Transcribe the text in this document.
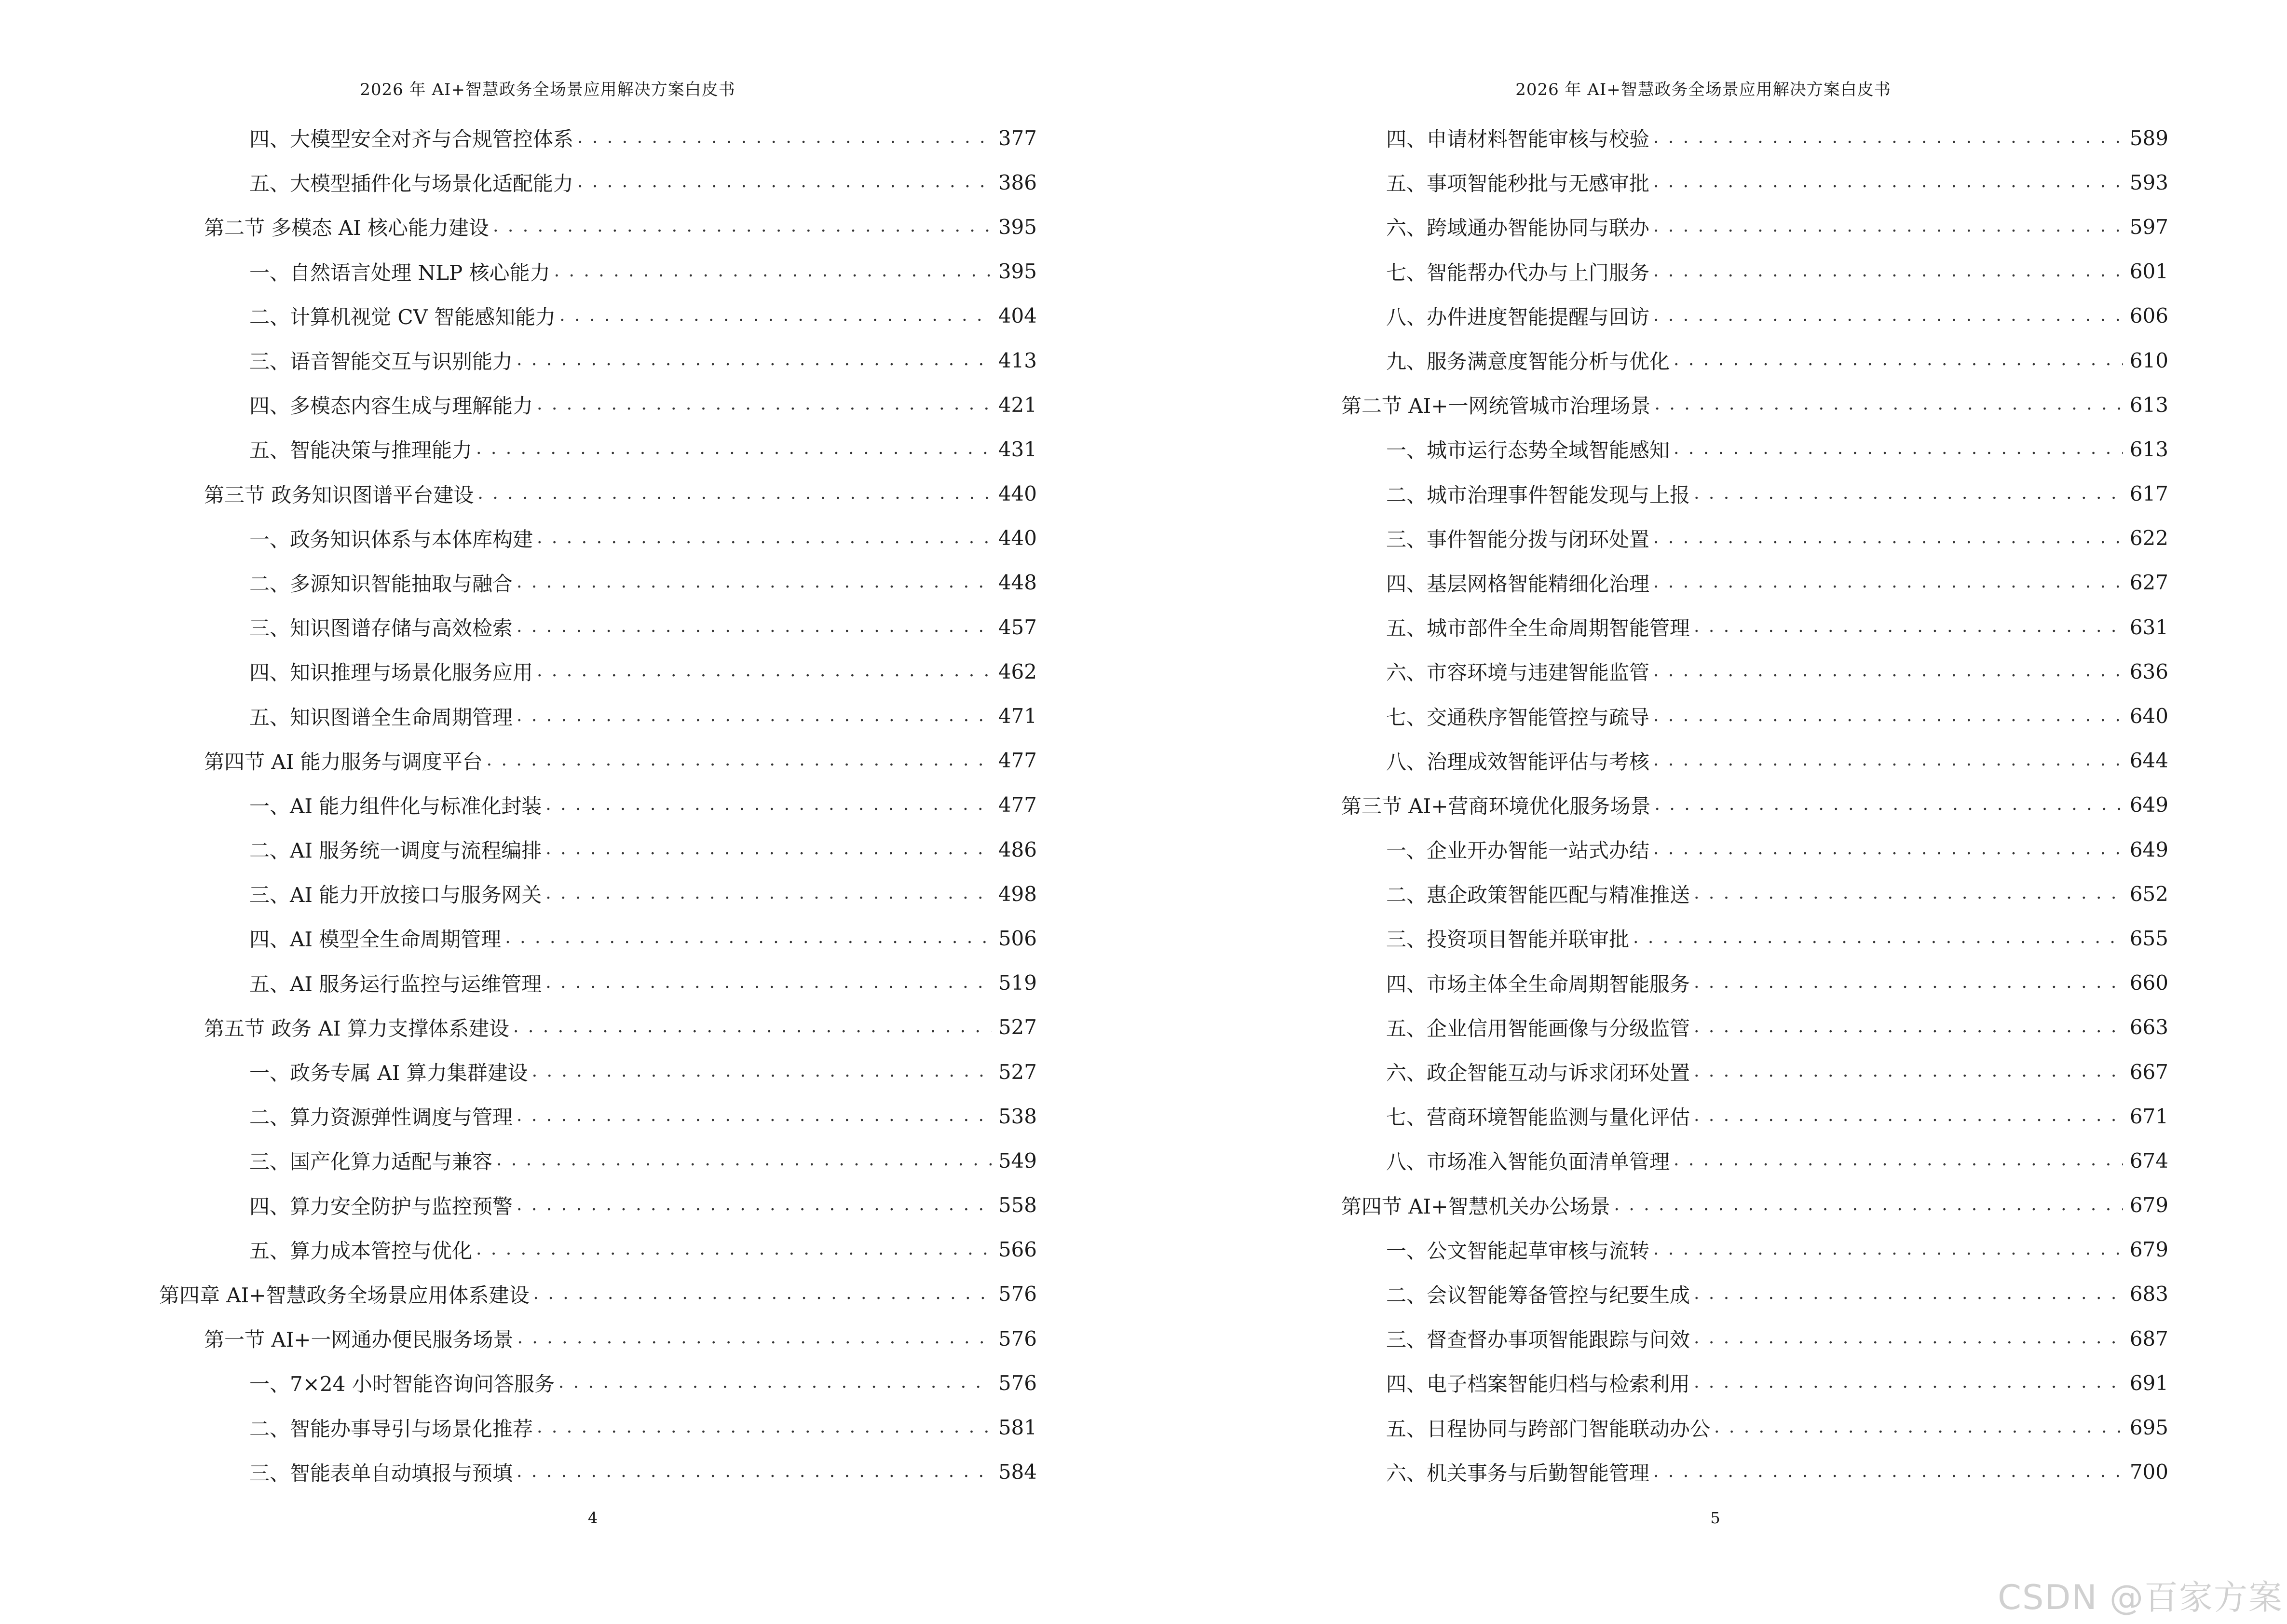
2026 年 AI+智慧政务全场景应用解决方案白皮书
四、大模型安全对齐与合规管控体系 . . .	377
五、大模型插件化与场景化适配能力 . . .	386
第二节 多模态 AI 核心能力建设 . . .	395
一、自然语言处理 NLP 核心能力 . . .	395
二、计算机视觉 CV 智能感知能力 . . .	404
三、语音智能交互与识别能力 . . .	413
四、多模态内容生成与理解能力 . . .	421
五、智能决策与推理能力 . . .	431
第三节 政务知识图谱平台建设 . . .	440
一、政务知识体系与本体库构建 . . .	440
二、多源知识智能抽取与融合 . . .	448
三、知识图谱存储与高效检索 . . .	457
四、知识推理与场景化服务应用 . . .	462
五、知识图谱全生命周期管理 . . .	471
第四节 AI 能力服务与调度平台 . . .	477
一、AI 能力组件化与标准化封装 . . .	477
二、AI 服务统一调度与流程编排 . . .	486
三、AI 能力开放接口与服务网关 . . .	498
四、AI 模型全生命周期管理 . . .	506
五、AI 服务运行监控与运维管理 . . .	519
第五节 政务 AI 算力支撑体系建设 . . .	527
一、政务专属 AI 算力集群建设 . . .	527
二、算力资源弹性调度与管理 . . .	538
三、国产化算力适配与兼容 . . .	549
四、算力安全防护与监控预警 . . .	558
五、算力成本管控与优化 . . .	566
第四章 AI+智慧政务全场景应用体系建设 . . .	576
第一节 AI+一网通办便民服务场景 . . .	576
一、7×24 小时智能咨询问答服务 . . .	576
二、智能办事导引与场景化推荐 . . .	581
三、智能表单自动填报与预填 . . .	584
4
2026 年 AI+智慧政务全场景应用解决方案白皮书
四、申请材料智能审核与校验 . . .	589
五、事项智能秒批与无感审批 . . .	593
六、跨域通办智能协同与联办 . . .	597
七、智能帮办代办与上门服务 . . .	601
八、办件进度智能提醒与回访 . . .	606
九、服务满意度智能分析与优化 . . .	610
第二节 AI+一网统管城市治理场景 . . .	613
一、城市运行态势全域智能感知 . . .	613
二、城市治理事件智能发现与上报 . . .	617
三、事件智能分拨与闭环处置 . . .	622
四、基层网格智能精细化治理 . . .	627
五、城市部件全生命周期智能管理 . . .	631
六、市容环境与违建智能监管 . . .	636
七、交通秩序智能管控与疏导 . . .	640
八、治理成效智能评估与考核 . . .	644
第三节 AI+营商环境优化服务场景 . . .	649
一、企业开办智能一站式办结 . . .	649
二、惠企政策智能匹配与精准推送 . . .	652
三、投资项目智能并联审批 . . .	655
四、市场主体全生命周期智能服务 . . .	660
五、企业信用智能画像与分级监管 . . .	663
六、政企智能互动与诉求闭环处置 . . .	667
七、营商环境智能监测与量化评估 . . .	671
八、市场准入智能负面清单管理 . . .	674
第四节 AI+智慧机关办公场景 . . .	679
一、公文智能起草审核与流转 . . .	679
二、会议智能筹备管控与纪要生成 . . .	683
三、督查督办事项智能跟踪与问效 . . .	687
四、电子档案智能归档与检索利用 . . .	691
五、日程协同与跨部门智能联动办公 . . .	695
六、机关事务与后勤智能管理 . . .	700
5
CSDN @百家方案
